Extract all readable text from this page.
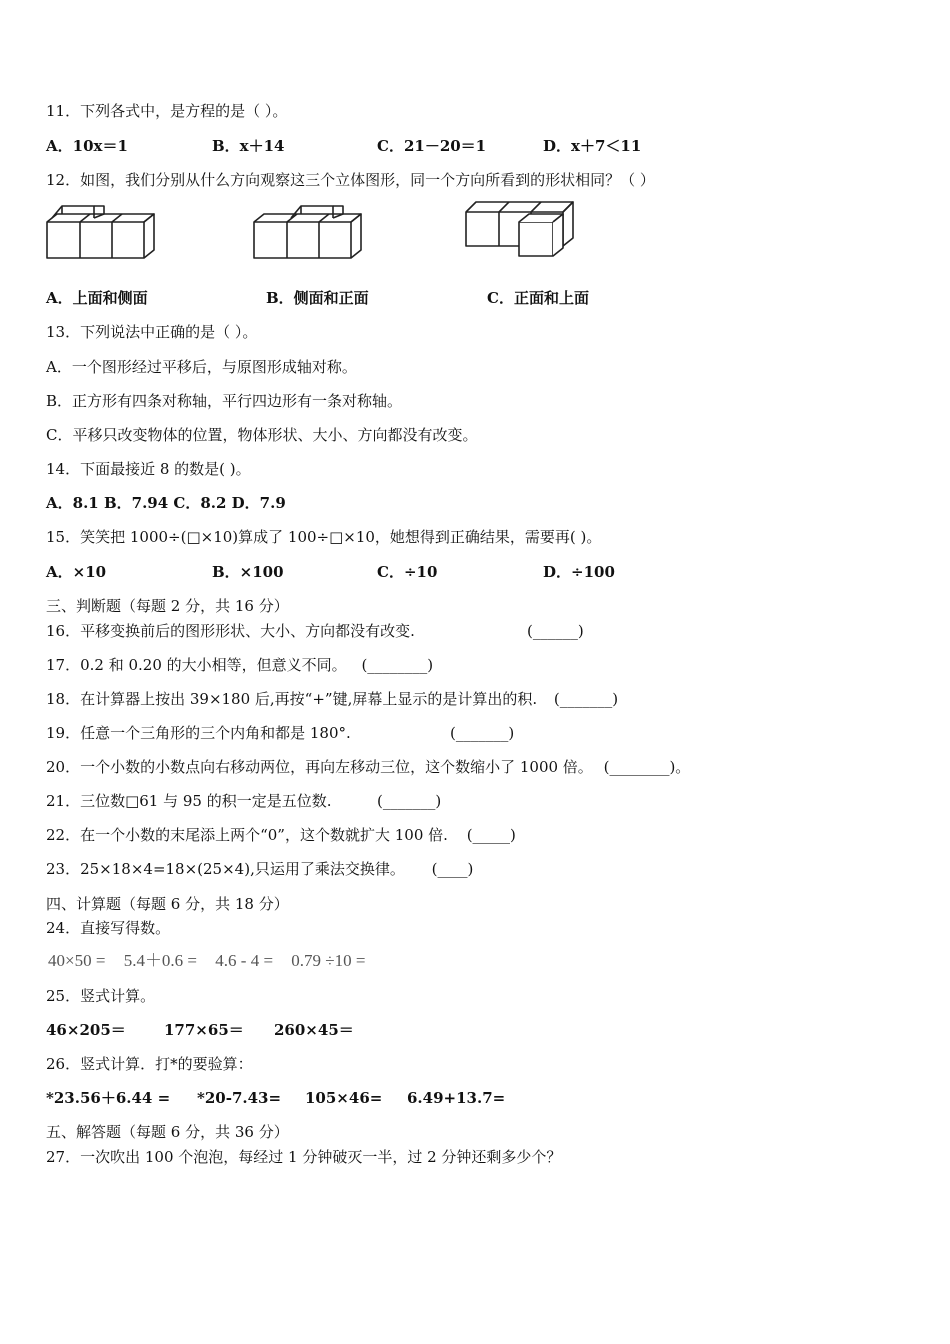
11．下列各式中，是方程的是（ ）。
A．10x＝1	B．x＋14	C．21－20＝1	D．x＋7＜11
12．如图，我们分别从什么方向观察这三个立体图形，同一个方向所看到的形状相同？（ ）
A．上面和侧面	B．侧面和正面	C．正面和上面
13．下列说法中正确的是（ ）。
A．一个图形经过平移后，与原图形成轴对称。
B．正方形有四条对称轴，平行四边形有一条对称轴。
C．平移只改变物体的位置，物体形状、大小、方向都没有改变。
14．下面最接近 8 的数是( )。
A．8.1 B．7.94 C．8.2 D．7.9
15．笑笑把 1000÷(□×10)算成了 100÷□×10，她想得到正确结果，需要再( )。
A．×10	B．×100	C．÷10	D．÷100
三、判断题（每题 2 分，共 16 分）
16．平移变换前后的图形形状、大小、方向都没有改变.	(______)
17．0.2 和 0.20 的大小相等，但意义不同。 (________)
18．在计算器上按出 39×180 后,再按“+”键,屏幕上显示的是计算出的积. (_______)
19．任意一个三角形的三个内角和都是 180°.	(_______)
20．一个小数的小数点向右移动两位，再向左移动三位，这个数缩小了 1000 倍。 (________)。
21．三位数□61 与 95 的积一定是五位数.	(_______)
22．在一个小数的末尾添上两个“0”，这个数就扩大 100 倍. (_____)
23．25×18×4=18×(25×4),只运用了乘法交换律。 (____)
四、计算题（每题 6 分，共 18 分）
24．直接写得数。
40×50 = 5.4＋0.6 = 4.6 - 4 = 0.79 ÷10 =
25．竖式计算。
46×205＝	177×65＝ 260×45＝
26．竖式计算．打*的要验算：
*23.56＋6.44 = *20-7.43= 105×46= 6.49+13.7=
五、解答题（每题 6 分，共 36 分）
27．一次吹出 100 个泡泡，每经过 1 分钟破灭一半，过 2 分钟还剩多少个？
